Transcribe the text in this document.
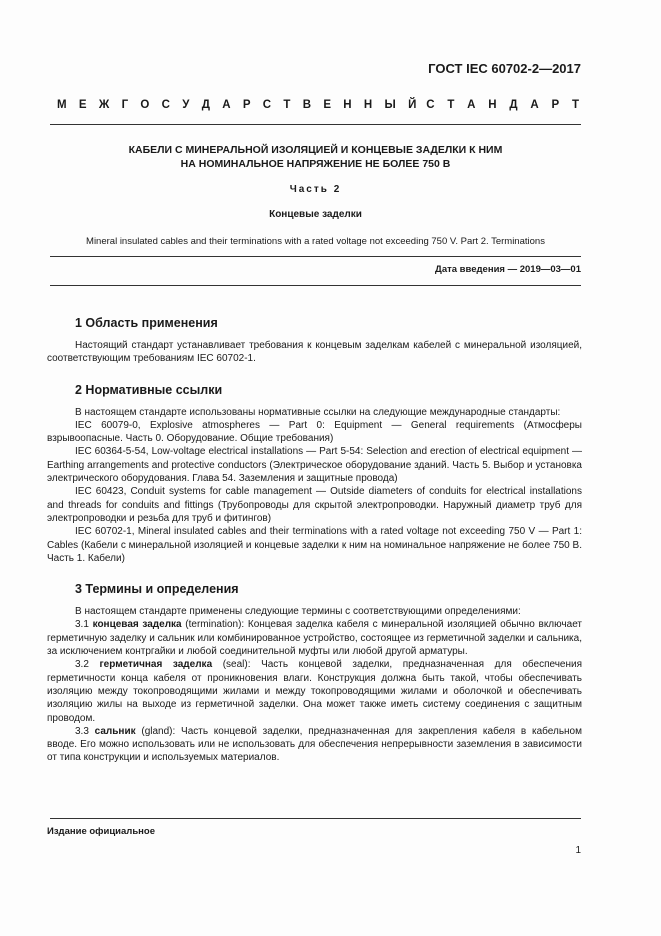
ГОСТ IEC 60702-2—2017
М Е Ж Г О С У Д А Р С Т В Е Н Н Ы Й С Т А Н Д А Р Т
КАБЕЛИ С МИНЕРАЛЬНОЙ ИЗОЛЯЦИЕЙ И КОНЦЕВЫЕ ЗАДЕЛКИ К НИМ
НА НОМИНАЛЬНОЕ НАПРЯЖЕНИЕ НЕ БОЛЕЕ 750 В
Часть 2
Концевые заделки
Mineral insulated cables and their terminations with a rated voltage not exceeding 750 V. Part 2. Terminations
Дата введения — 2019—03—01
1 Область применения

Настоящий стандарт устанавливает требования к концевым заделкам кабелей с минеральной изоляцией, соответствующим требованиям IEC 60702-1.

2 Нормативные ссылки

В настоящем стандарте использованы нормативные ссылки на следующие международные стандарты:

IEC 60079-0, Explosive atmospheres — Part 0: Equipment — General requirements (Атмосферы взрывоопасные. Часть 0. Оборудование. Общие требования)

IEC 60364-5-54, Low-voltage electrical installations — Part 5-54: Selection and erection of electrical equipment — Earthing arrangements and protective conductors (Электрическое оборудование зданий. Часть 5. Выбор и установка электрического оборудования. Глава 54. Заземления и защитные провода)

IEC 60423, Conduit systems for cable management — Outside diameters of conduits for electrical installations and threads for conduits and fittings (Трубопроводы для скрытой электропроводки. Наружный диаметр труб для электропроводки и резьба для труб и фитингов)

IEC 60702-1, Mineral insulated cables and their terminations with a rated voltage not exceeding 750 V — Part 1: Cables (Кабели с минеральной изоляцией и концевые заделки к ним на номинальное напряжение не более 750 В. Часть 1. Кабели)

3 Термины и определения

В настоящем стандарте применены следующие термины с соответствующими определениями:

3.1 концевая заделка (termination): Концевая заделка кабеля с минеральной изоляцией обычно включает герметичную заделку и сальник или комбинированное устройство, состоящее из герметичной заделки и сальника, за исключением контргайки и любой соединительной муфты или любой другой арматуры.

3.2 герметичная заделка (seal): Часть концевой заделки, предназначенная для обеспечения герметичности конца кабеля от проникновения влаги. Конструкция должна быть такой, чтобы обеспечивать изоляцию между токопроводящими жилами и между токопроводящими жилами и оболочкой и обеспечивать изоляцию жилы на выходе из герметичной заделки. Она может также иметь систему соединения с защитным проводом.

3.3 сальник (gland): Часть концевой заделки, предназначенная для закрепления кабеля в кабельном вводе. Его можно использовать или не использовать для обеспечения непрерывности заземления в зависимости от типа конструкции и используемых материалов.

Издание официальное
1
